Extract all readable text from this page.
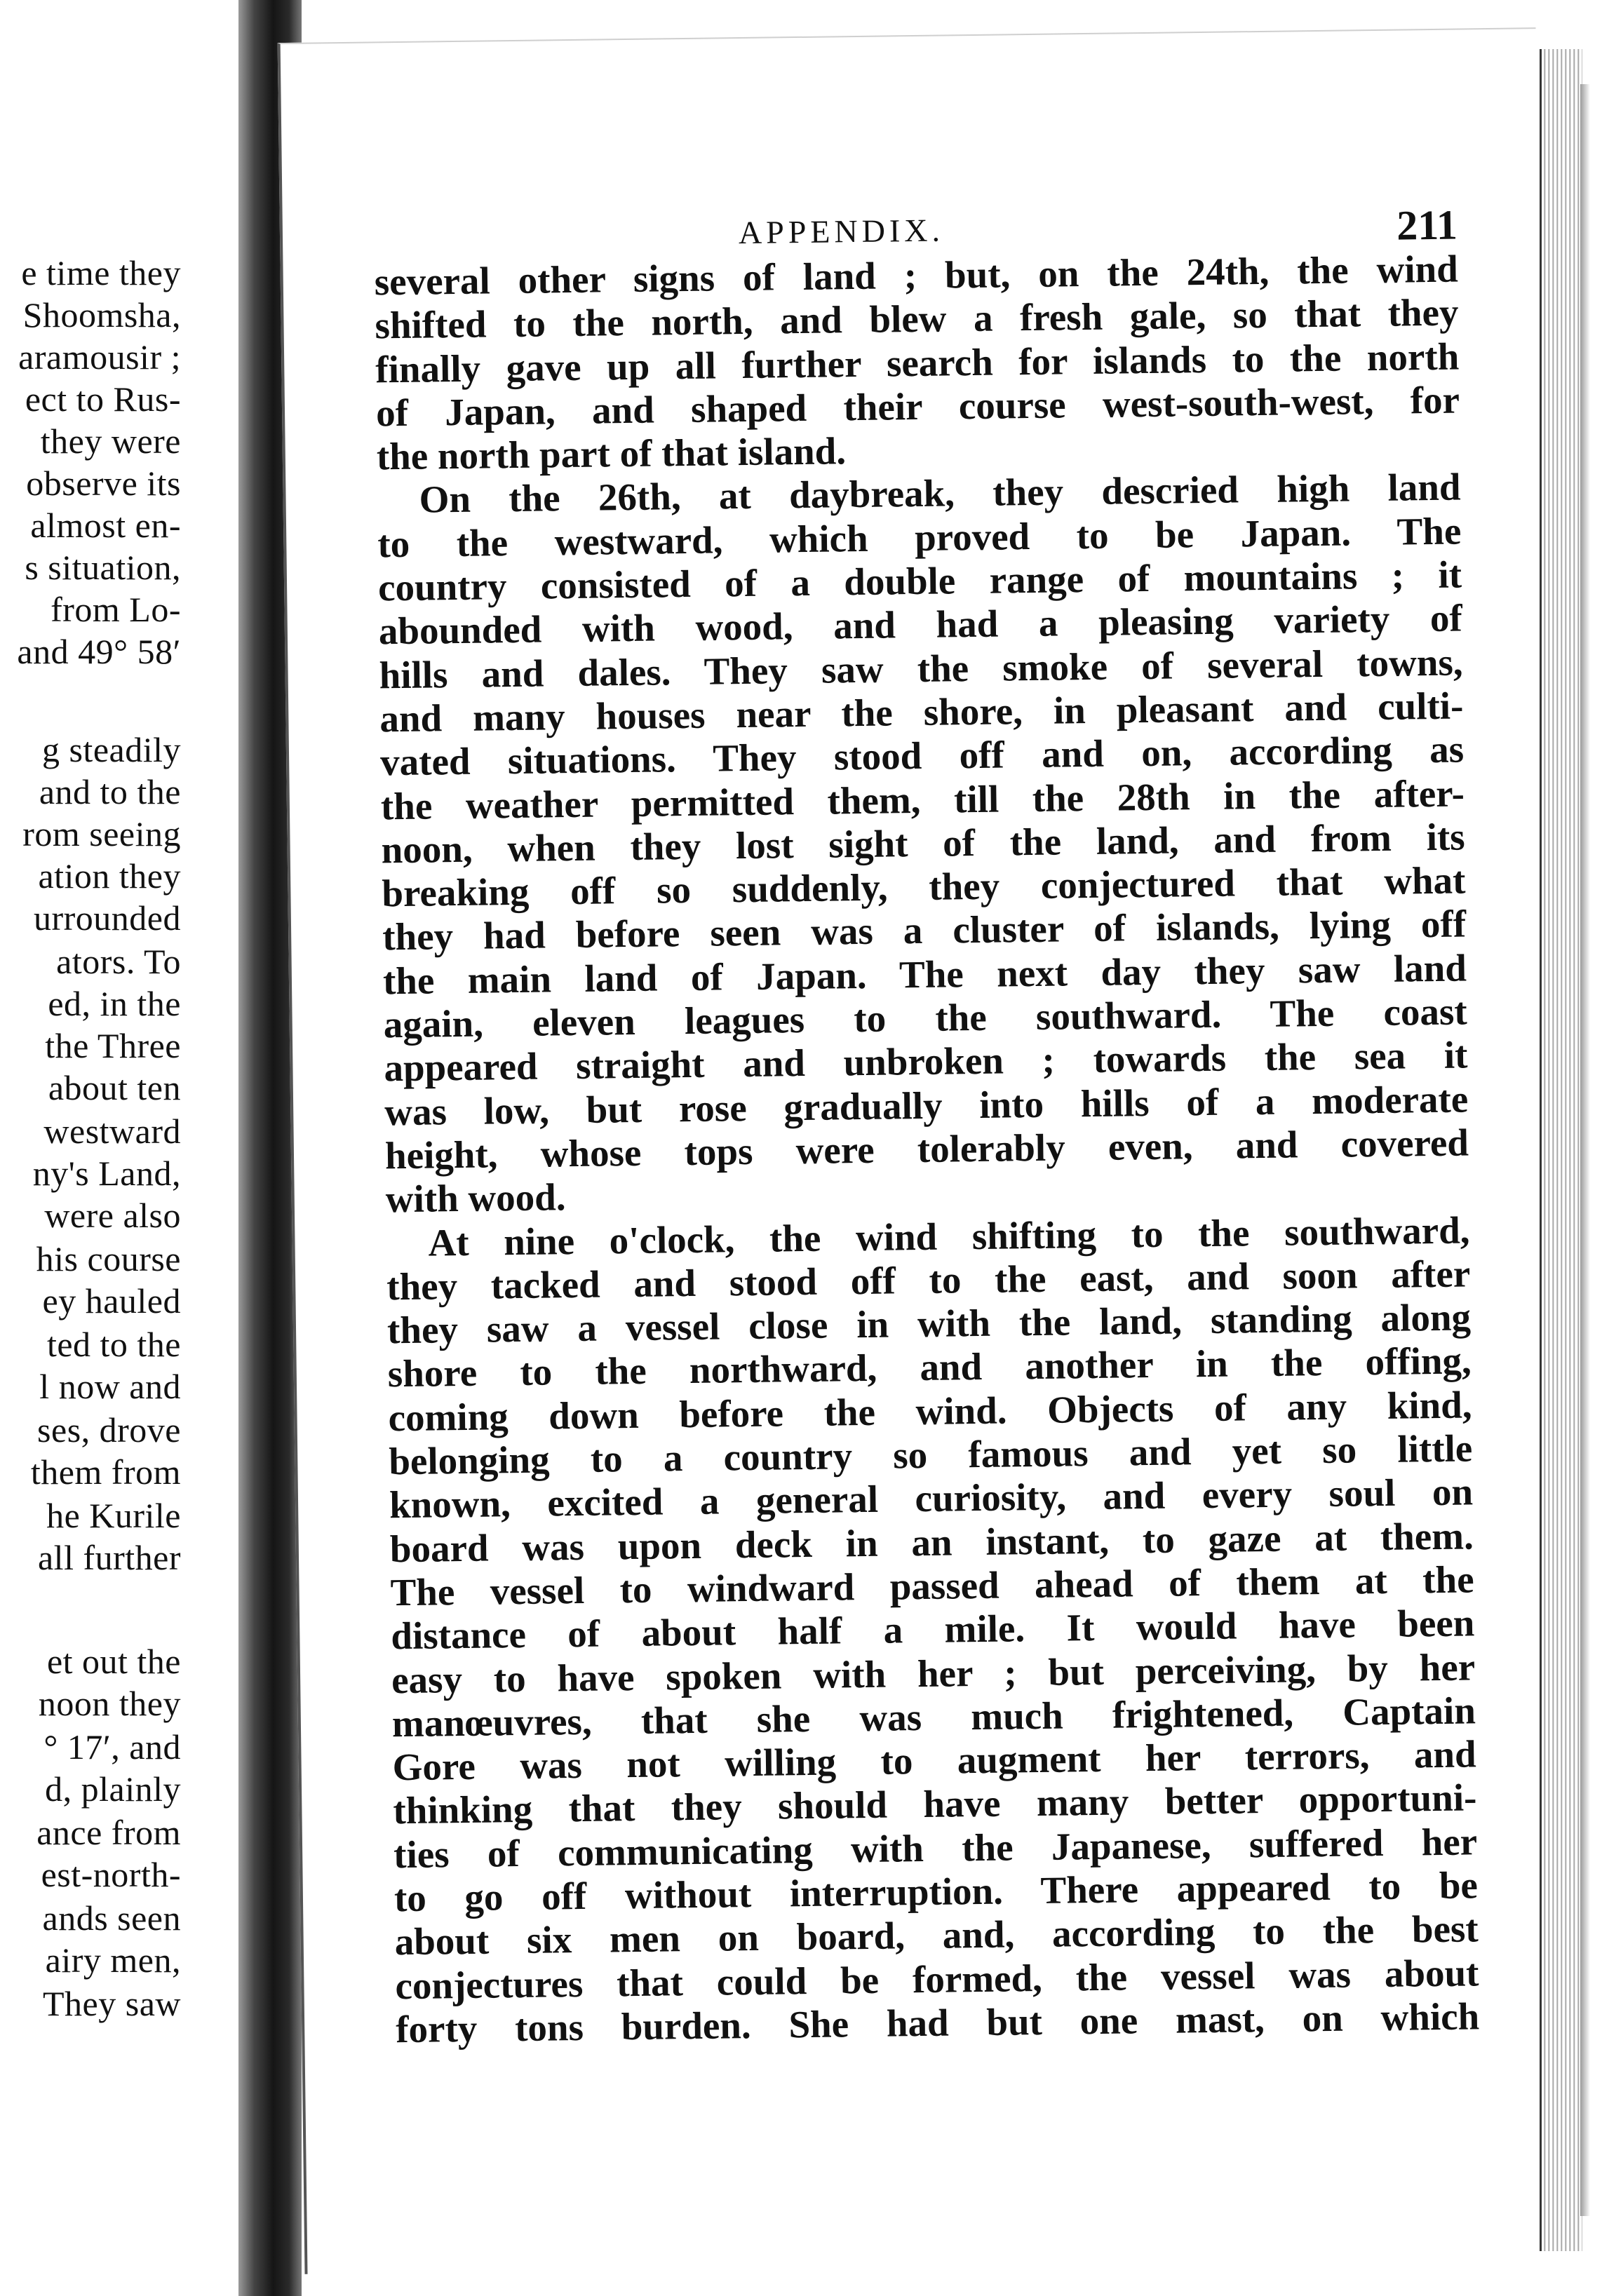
e time they
Shoomsha,
aramousir ;
ect to Rus-
they were
observe its
almost en-
s situation,
from Lo-
and 49° 58′
g steadily
and to the
rom seeing
ation they
urrounded
ators. To
ed, in the
the Three
about ten
westward
ny's Land,
were also
his course
ey hauled
ted to the
l now and
ses, drove
them from
he Kurile
all further
et out the
noon they
° 17′, and
d, plainly
ance from
est-north-
ands seen
airy men,
They saw
APPENDIX.	211
several other signs of land ; but, on the 24th, the wind
shifted to the north, and blew a fresh gale, so that they
finally gave up all further search for islands to the north
of Japan, and shaped their course west-south-west, for
the north part of that island.
On the 26th, at daybreak, they descried high land
to the westward, which proved to be Japan. The
country consisted of a double range of mountains ; it
abounded with wood, and had a pleasing variety of
hills and dales. They saw the smoke of several towns,
and many houses near the shore, in pleasant and culti-
vated situations. They stood off and on, according as
the weather permitted them, till the 28th in the after-
noon, when they lost sight of the land, and from its
breaking off so suddenly, they conjectured that what
they had before seen was a cluster of islands, lying off
the main land of Japan. The next day they saw land
again, eleven leagues to the southward. The coast
appeared straight and unbroken ; towards the sea it
was low, but rose gradually into hills of a moderate
height, whose tops were tolerably even, and covered
with wood.
At nine o'clock, the wind shifting to the southward,
they tacked and stood off to the east, and soon after
they saw a vessel close in with the land, standing along
shore to the northward, and another in the offing,
coming down before the wind. Objects of any kind,
belonging to a country so famous and yet so little
known, excited a general curiosity, and every soul on
board was upon deck in an instant, to gaze at them.
The vessel to windward passed ahead of them at the
distance of about half a mile. It would have been
easy to have spoken with her ; but perceiving, by her
manœuvres, that she was much frightened, Captain
Gore was not willing to augment her terrors, and
thinking that they should have many better opportuni-
ties of communicating with the Japanese, suffered her
to go off without interruption. There appeared to be
about six men on board, and, according to the best
conjectures that could be formed, the vessel was about
forty tons burden. She had but one mast, on which
